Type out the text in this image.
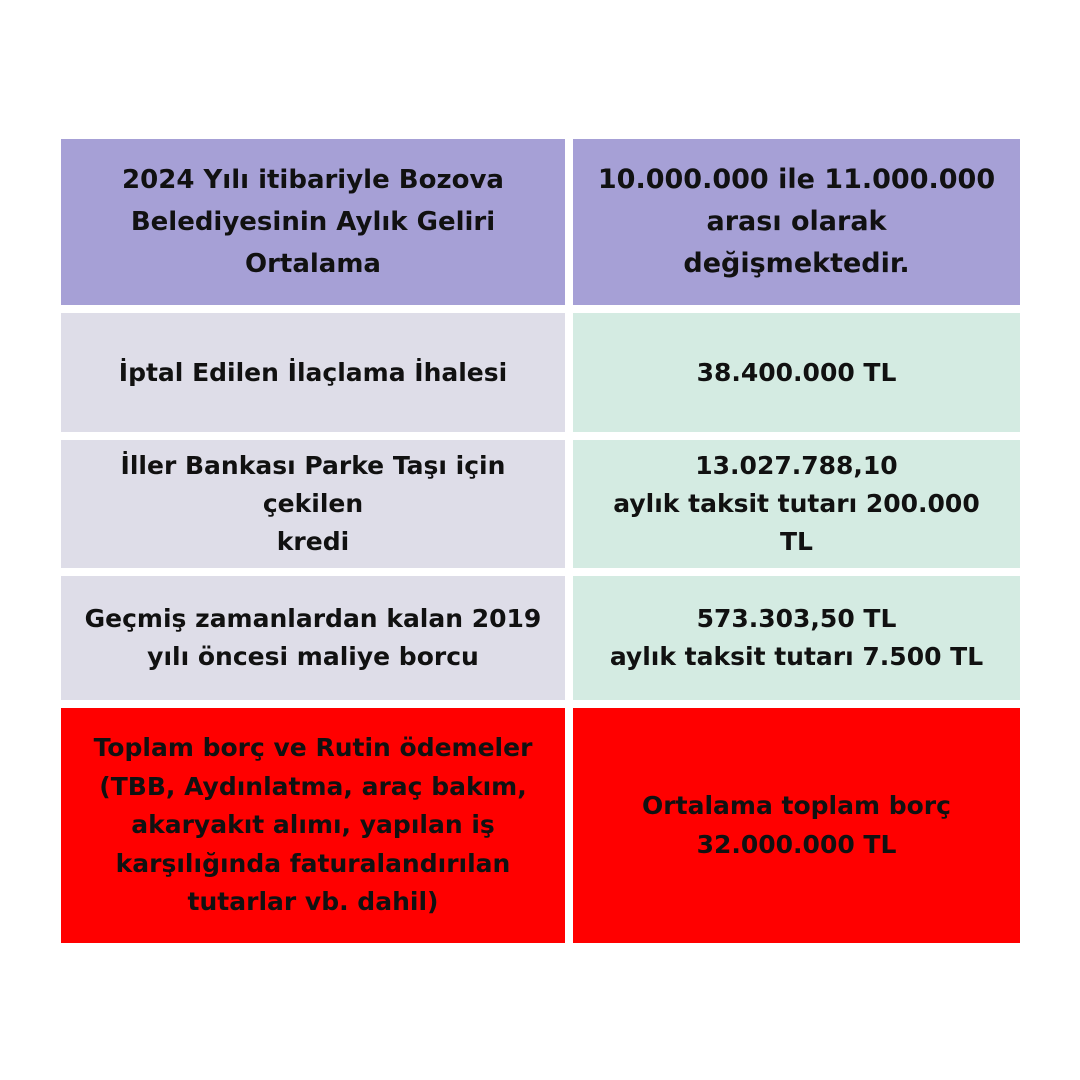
2024 Yılı itibariyle Bozova
Belediyesinin Aylık Geliri
Ortalama
10.000.000 ile 11.000.000
arası olarak değişmektedir.
İptal Edilen İlaçlama İhalesi	38.400.000 TL
İller Bankası Parke Taşı için çekilen
kredi
13.027.788,10
aylık taksit tutarı 200.000 TL
Geçmiş zamanlardan kalan 2019
yılı öncesi maliye borcu
573.303,50 TL
aylık taksit tutarı 7.500 TL
Toplam borç ve Rutin ödemeler
(TBB, Aydınlatma, araç bakım,
akaryakıt alımı, yapılan iş
karşılığında faturalandırılan
tutarlar vb. dahil)
Ortalama toplam borç
32.000.000 TL
